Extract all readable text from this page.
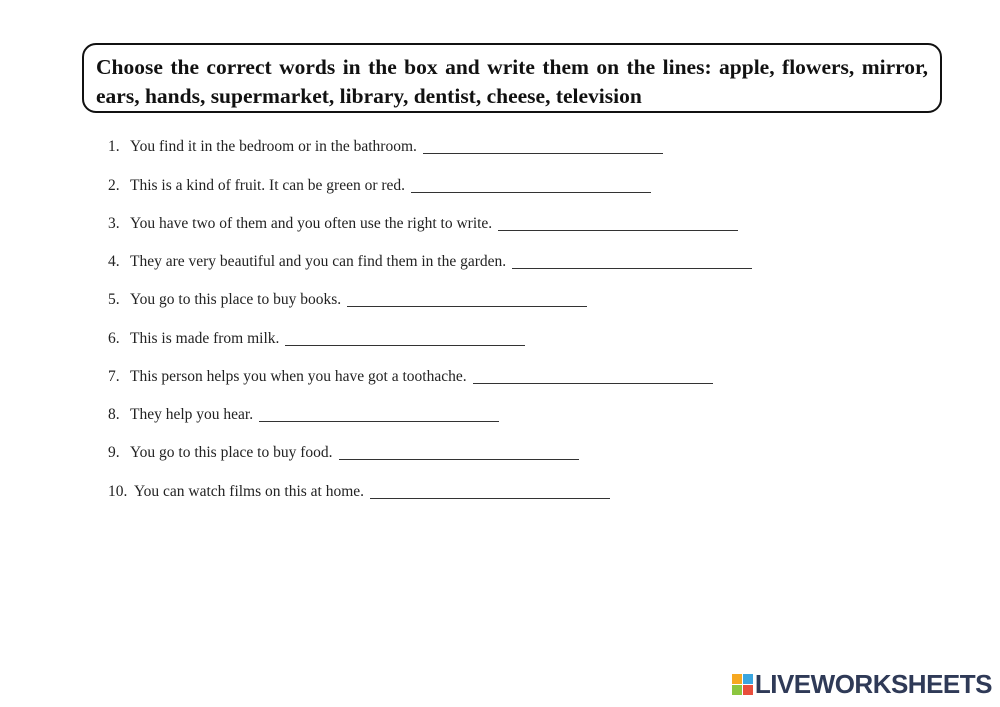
Choose the correct words in the box and write them on the lines: apple, flowers, mirror, ears, hands, supermarket, library, dentist, cheese, television

1. You find it in the bedroom or in the bathroom.
2. This is a kind of fruit. It can be green or red.
3. You have two of them and you often use the right to write.
4. They are very beautiful and you can find them in the garden.
5. You go to this place to buy books.
6. This is made from milk.
7. This person helps you when you have got a toothache.
8. They help you hear.
9. You go to this place to buy food.
10. You can watch films on this at home.
LIVEWORKSHEETS
